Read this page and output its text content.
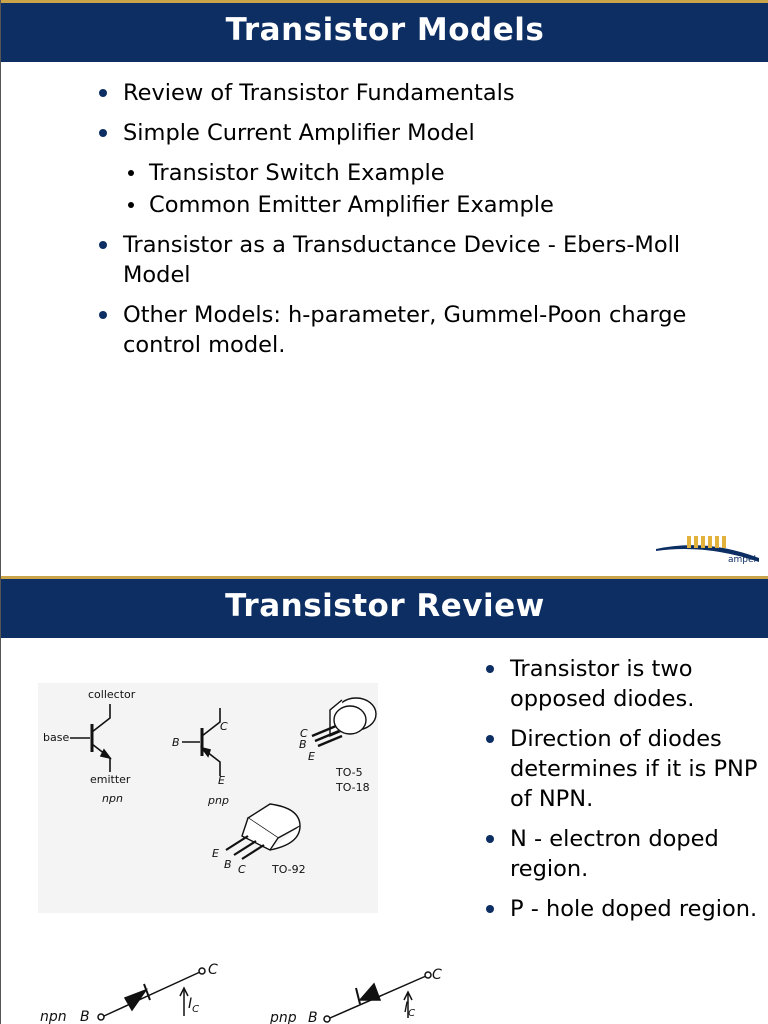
Transistor Models
Review of Transistor Fundamentals
Simple Current Amplifier Model
Transistor Switch Example
Common Emitter Amplifier Example
Transistor as a Transductance Device - Ebers-Moll Model
Other Models: h-parameter, Gummel-Poon charge control model.
ampel
Transistor Review
Transistor is two opposed diodes.
Direction of diodes determines if it is PNP of NPN.
N - electron doped region.
P - hole doped region.
collector
base
emitter
npn
C
B
E
pnp
C
B
E
TO-5
TO-18
E
B C TO-92
C
npn B
$I_C$
C
pnp B
$I_C$
